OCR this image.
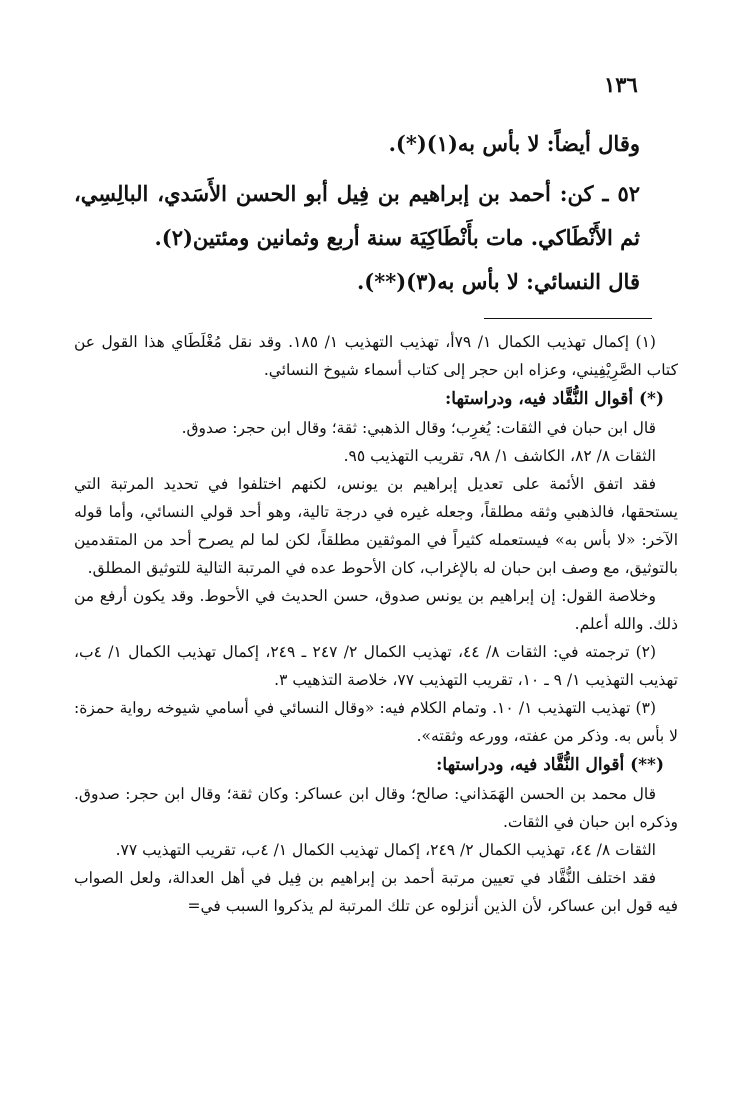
١٣٦
وقال أيضاً: لا بأس به(١)(*).
٥٢ ـ كن: أحمد بن إبراهيم بن فِيل أبو الحسن الأَسَدي، البالِسِي، ثم الأَنْطَاكي. مات بأَنْطَاكِيَة سنة أربع وثمانين ومئتين(٢).
قال النسائي: لا بأس به(٣)(**).

(١) إكمال تهذيب الكمال ١/ ٧٩أ، تهذيب التهذيب ١/ ١٨٥. وقد نقل مُغْلَطَاي هذا القول عن كتاب الصَّرِيْفِيني، وعزاه ابن حجر إلى كتاب أسماء شيوخ النسائي.

(*) أقوال النُّقَّاد فيه، ودراستها:

قال ابن حبان في الثقات: يُغرِب؛ وقال الذهبي: ثقة؛ وقال ابن حجر: صدوق.

الثقات ٨/ ٨٢، الكاشف ١/ ٩٨، تقريب التهذيب ٩٥.

فقد اتفق الأئمة على تعديل إبراهيم بن يونس، لكنهم اختلفوا في تحديد المرتبة التي يستحقها، فالذهبي وثقه مطلقاً، وجعله غيره في درجة تالية، وهو أحد قولي النسائي، وأما قوله الآخر: «لا بأس به» فيستعمله كثيراً في الموثقين مطلقاً، لكن لما لم يصرح أحد من المتقدمين بالتوثيق، مع وصف ابن حبان له بالإغراب، كان الأحوط عده في المرتبة التالية للتوثيق المطلق.

وخلاصة القول: إن إبراهيم بن يونس صدوق، حسن الحديث في الأحوط. وقد يكون أرفع من ذلك. والله أعلم.

(٢) ترجمته في: الثقات ٨/ ٤٤، تهذيب الكمال ٢/ ٢٤٧ ـ ٢٤٩، إكمال تهذيب الكمال ١/ ٤ب، تهذيب التهذيب ١/ ٩ ـ ١٠، تقريب التهذيب ٧٧، خلاصة التذهيب ٣.

(٣) تهذيب التهذيب ١/ ١٠. وتمام الكلام فيه: «وقال النسائي في أسامي شيوخه رواية حمزة: لا بأس به. وذكر من عفته، وورعه وثقته».

(**) أقوال النُّقَّاد فيه، ودراستها:

قال محمد بن الحسن الهَمَذاني: صالح؛ وقال ابن عساكر: وكان ثقة؛ وقال ابن حجر: صدوق. وذكره ابن حبان في الثقات.

الثقات ٨/ ٤٤، تهذيب الكمال ٢/ ٢٤٩، إكمال تهذيب الكمال ١/ ٤ب، تقريب التهذيب ٧٧.

فقد اختلف النُّقَّاد في تعيين مرتبة أحمد بن إبراهيم بن فِيل في أهل العدالة، ولعل الصواب فيه قول ابن عساكر، لأن الذين أنزلوه عن تلك المرتبة لم يذكروا السبب في=
